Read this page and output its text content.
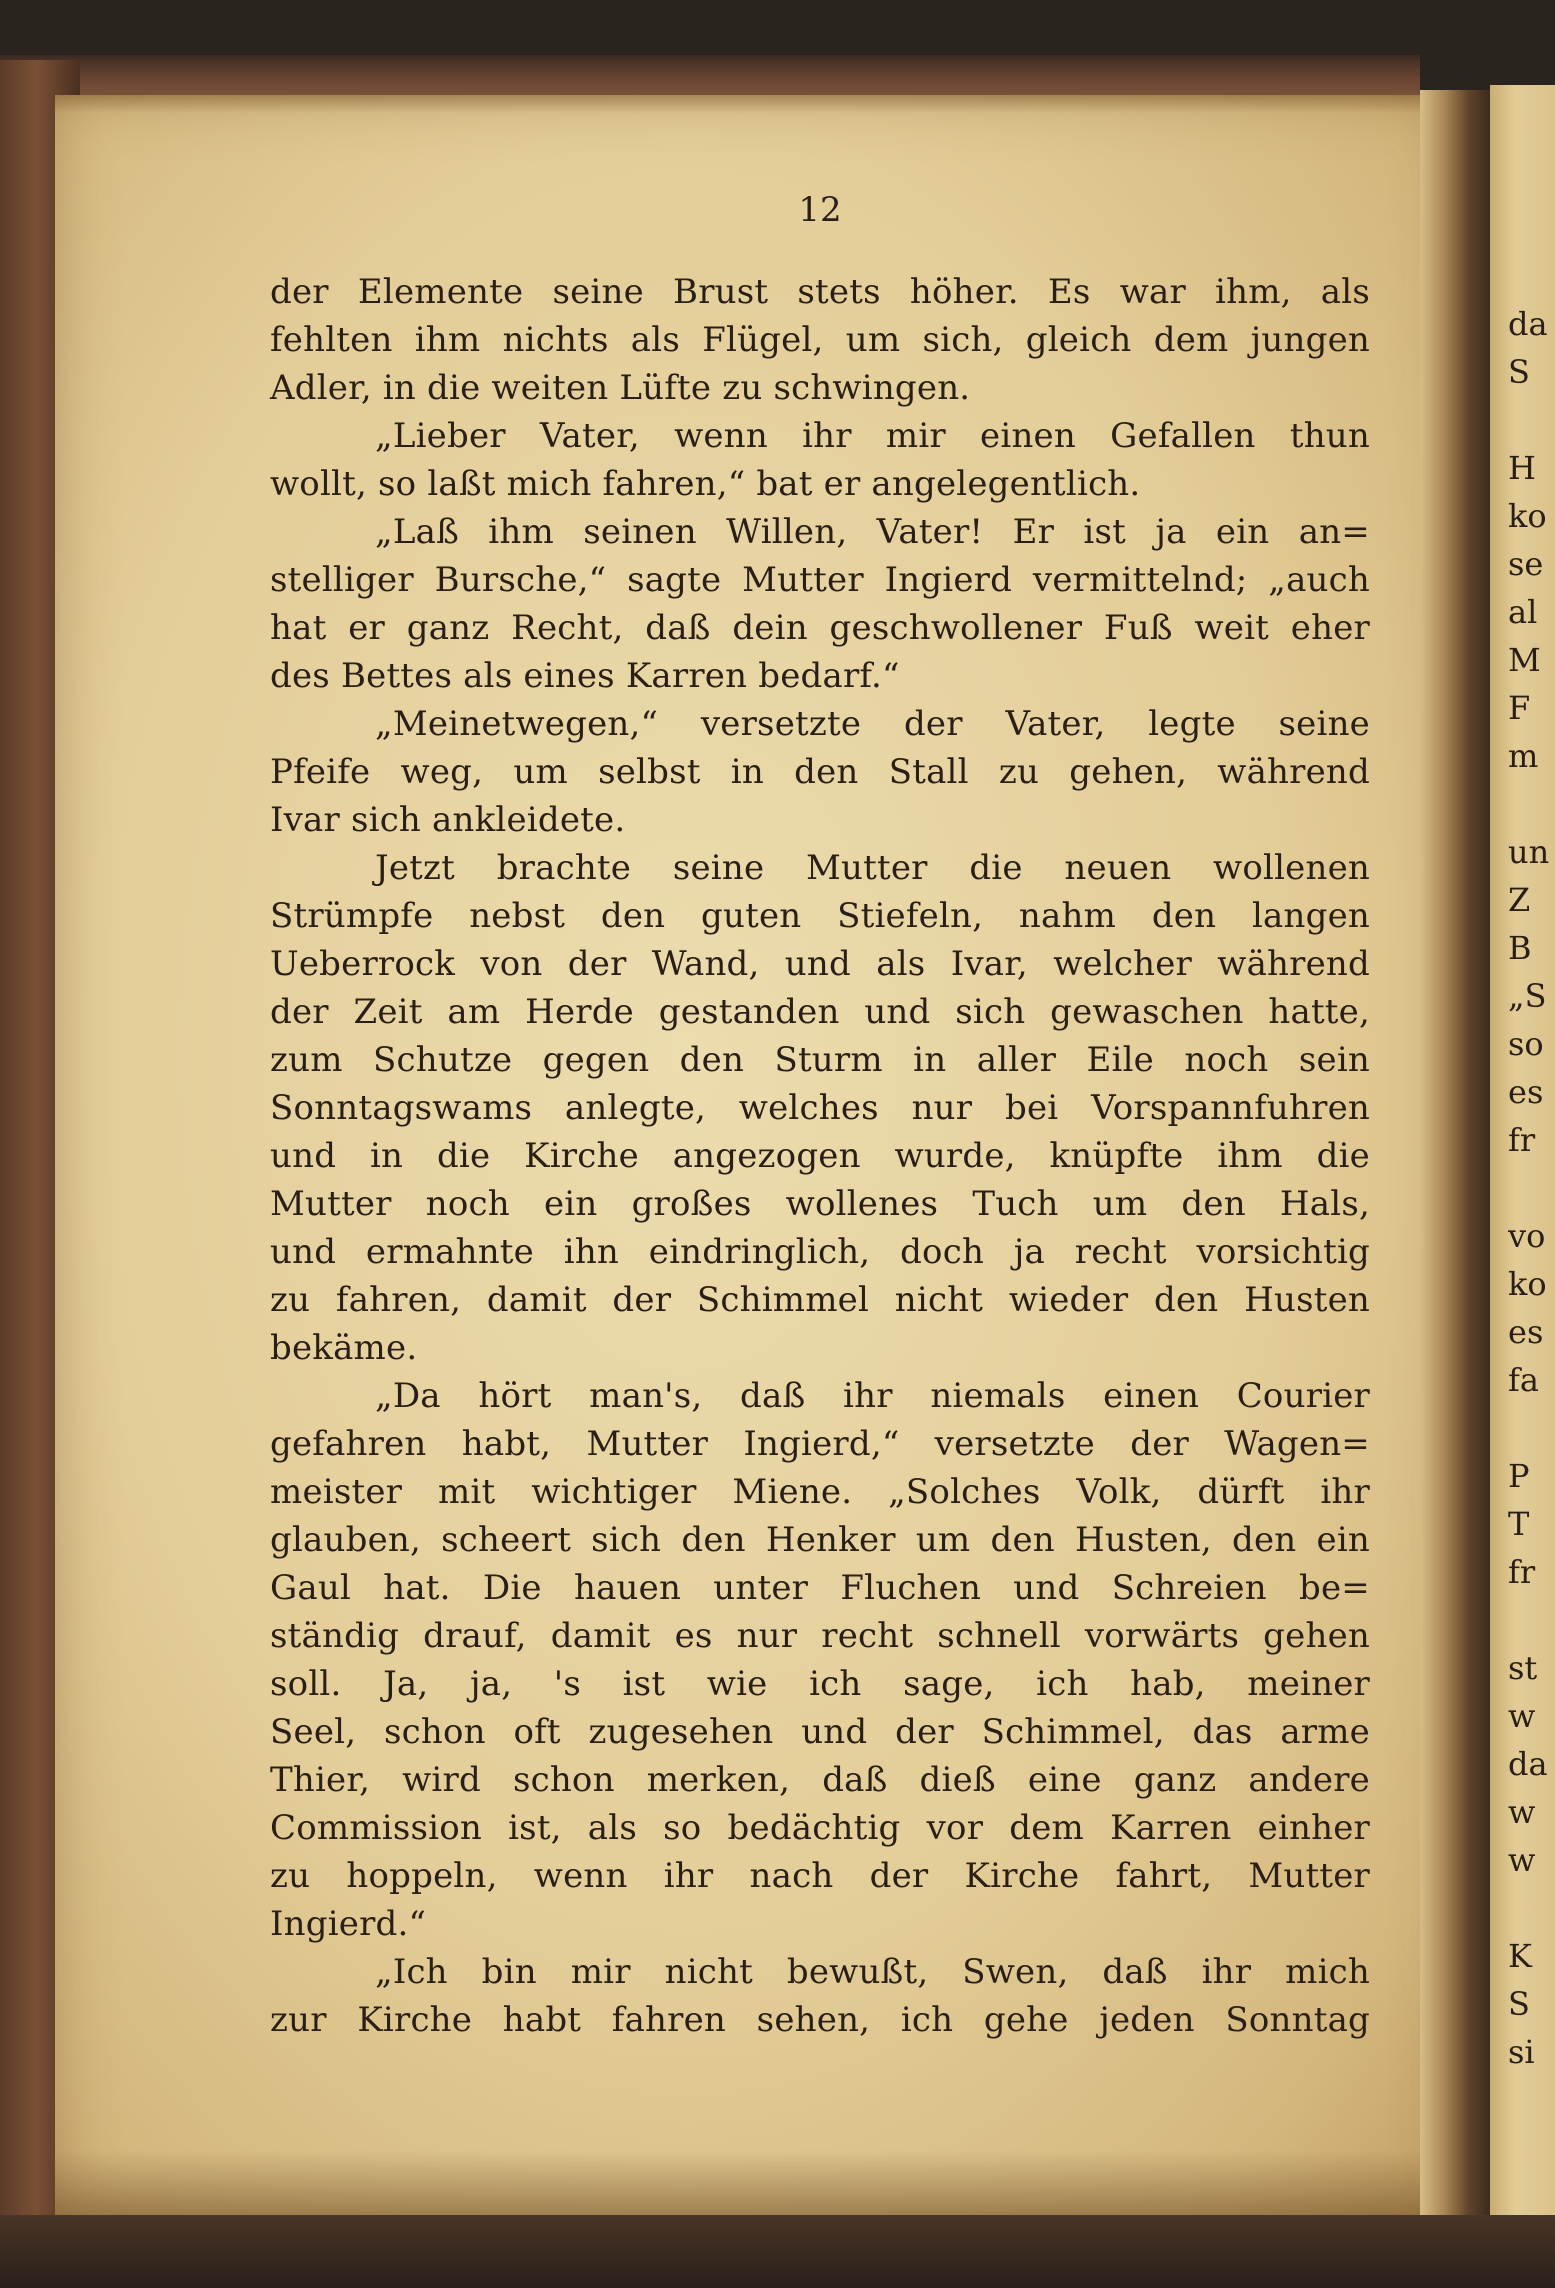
12
der Elemente seine Brust stets höher. Es war ihm, als
fehlten ihm nichts als Flügel, um sich, gleich dem jungen
Adler, in die weiten Lüfte zu schwingen.
„Lieber Vater, wenn ihr mir einen Gefallen thun
wollt, so laßt mich fahren,“ bat er angelegentlich.
„Laß ihm seinen Willen, Vater! Er ist ja ein an=
stelliger Bursche,“ sagte Mutter Ingierd vermittelnd; „auch
hat er ganz Recht, daß dein geschwollener Fuß weit eher
des Bettes als eines Karren bedarf.“
„Meinetwegen,“ versetzte der Vater, legte seine
Pfeife weg, um selbst in den Stall zu gehen, während
Ivar sich ankleidete.
Jetzt brachte seine Mutter die neuen wollenen
Strümpfe nebst den guten Stiefeln, nahm den langen
Ueberrock von der Wand, und als Ivar, welcher während
der Zeit am Herde gestanden und sich gewaschen hatte,
zum Schutze gegen den Sturm in aller Eile noch sein
Sonntagswams anlegte, welches nur bei Vorspannfuhren
und in die Kirche angezogen wurde, knüpfte ihm die
Mutter noch ein großes wollenes Tuch um den Hals,
und ermahnte ihn eindringlich, doch ja recht vorsichtig
zu fahren, damit der Schimmel nicht wieder den Husten
bekäme.
„Da hört man's, daß ihr niemals einen Courier
gefahren habt, Mutter Ingierd,“ versetzte der Wagen=
meister mit wichtiger Miene. „Solches Volk, dürft ihr
glauben, scheert sich den Henker um den Husten, den ein
Gaul hat. Die hauen unter Fluchen und Schreien be=
ständig drauf, damit es nur recht schnell vorwärts gehen
soll. Ja, ja, 's ist wie ich sage, ich hab, meiner
Seel, schon oft zugesehen und der Schimmel, das arme
Thier, wird schon merken, daß dieß eine ganz andere
Commission ist, als so bedächtig vor dem Karren einher
zu hoppeln, wenn ihr nach der Kirche fahrt, Mutter
Ingierd.“
„Ich bin mir nicht bewußt, Swen, daß ihr mich
zur Kirche habt fahren sehen, ich gehe jeden Sonntag
da
S
H
ko
se
al
M
F
m
un
Z
B
„S
so
es
fr
vo
ko
es
fa
P
T
fr
st
w
da
w
w
K
S
si
